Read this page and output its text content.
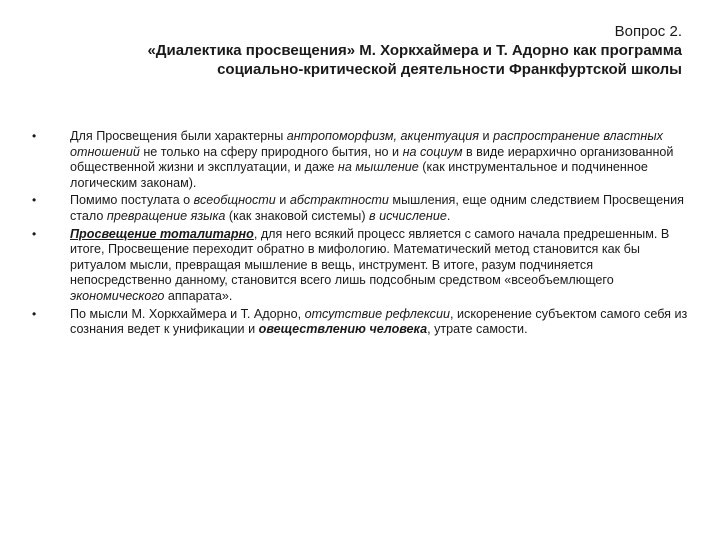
Вопрос 2.

«Диалектика просвещения» М. Хоркхаймера и Т. Адорно как программа социально-критической деятельности Франкфуртской школы

•	Для Просвещения были характерны антропоморфизм, акцентуация и распространение властных отношений не только на сферу природного бытия, но и на социум в виде иерархично организованной общественной жизни и эксплуатации, и даже на мышление (как инструментальное и подчиненное логическим законам).
•	Помимо постулата о всеобщности и абстрактности мышления, еще одним следствием Просвещения стало превращение языка (как знаковой системы) в исчисление.
•	Просвещение тоталитарно, для него всякий процесс является с самого начала предрешенным. В итоге, Просвещение переходит обратно в мифологию. Математический метод становится как бы ритуалом мысли, превращая мышление в вещь, инструмент. В итоге, разум подчиняется непосредственно данному, становится всего лишь подсобным средством «всеобъемлющего экономического аппарата».
•	По мысли М. Хоркхаймера и Т. Адорно, отсутствие рефлексии, искоренение субъектом самого себя из сознания ведет к унификации и овеществлению человека, утрате самости.
